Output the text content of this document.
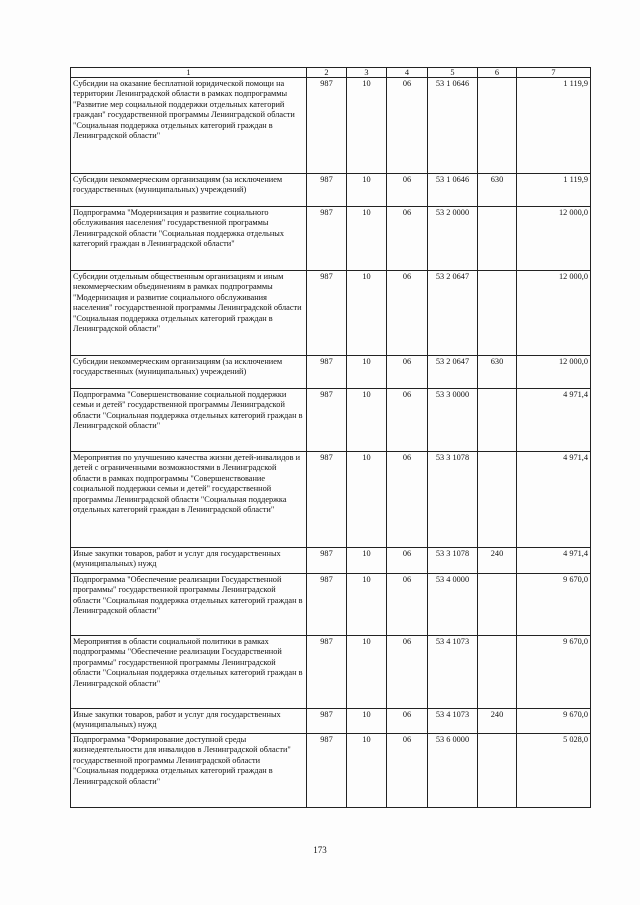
1	2	3	4	5	6	7
Субсидии на оказание бесплатной юридической помощи на территории Ленинградской области в рамках подпрограммы "Развитие мер социальной поддержки отдельных категорий граждан" государственной программы Ленинградской области "Социальная поддержка отдельных категорий граждан в Ленинградской области"	987	10	06	53 1 0646		1 119,9
Субсидии некоммерческим организациям (за исключением государственных (муниципальных) учреждений)	987	10	06	53 1 0646	630	1 119,9
Подпрограмма "Модернизация и развитие социального обслуживания населения" государственной программы Ленинградской области "Социальная поддержка отдельных категорий граждан в Ленинградской области"	987	10	06	53 2 0000		12 000,0
Субсидии отдельным общественным организациям и иным некоммерческим объединениям в рамках подпрограммы "Модернизация и развитие социального обслуживания населения" государственной программы Ленинградской области "Социальная поддержка отдельных категорий граждан в Ленинградской области"	987	10	06	53 2 0647		12 000,0
Субсидии некоммерческим организациям (за исключением государственных (муниципальных) учреждений)	987	10	06	53 2 0647	630	12 000,0
Подпрограмма "Совершенствование социальной поддержки семьи и детей" государственной программы Ленинградской области "Социальная поддержка отдельных категорий граждан в Ленинградской области"	987	10	06	53 3 0000		4 971,4
Мероприятия по улучшению качества жизни детей-инвалидов и детей с ограниченными возможностями в Ленинградской области в рамках подпрограммы "Совершенствование социальной поддержки семьи и детей" государственной программы Ленинградской области "Социальная поддержка отдельных категорий граждан в Ленинградской области"	987	10	06	53 3 1078		4 971,4
Иные закупки товаров, работ и услуг для государственных (муниципальных) нужд	987	10	06	53 3 1078	240	4 971,4
Подпрограмма "Обеспечение реализации Государственной программы" государственной программы Ленинградской области "Социальная поддержка отдельных категорий граждан в Ленинградской области"	987	10	06	53 4 0000		9 670,0
Мероприятия в области социальной политики в рамках подпрограммы "Обеспечение реализации Государственной программы" государственной программы Ленинградской области "Социальная поддержка отдельных категорий граждан в Ленинградской области"	987	10	06	53 4 1073		9 670,0
Иные закупки товаров, работ и услуг для государственных (муниципальных) нужд	987	10	06	53 4 1073	240	9 670,0
Подпрограмма "Формирование доступной среды жизнедеятельности для инвалидов в Ленинградской области" государственной программы Ленинградской области "Социальная поддержка отдельных категорий граждан в Ленинградской области"	987	10	06	53 6 0000		5 028,0
173
